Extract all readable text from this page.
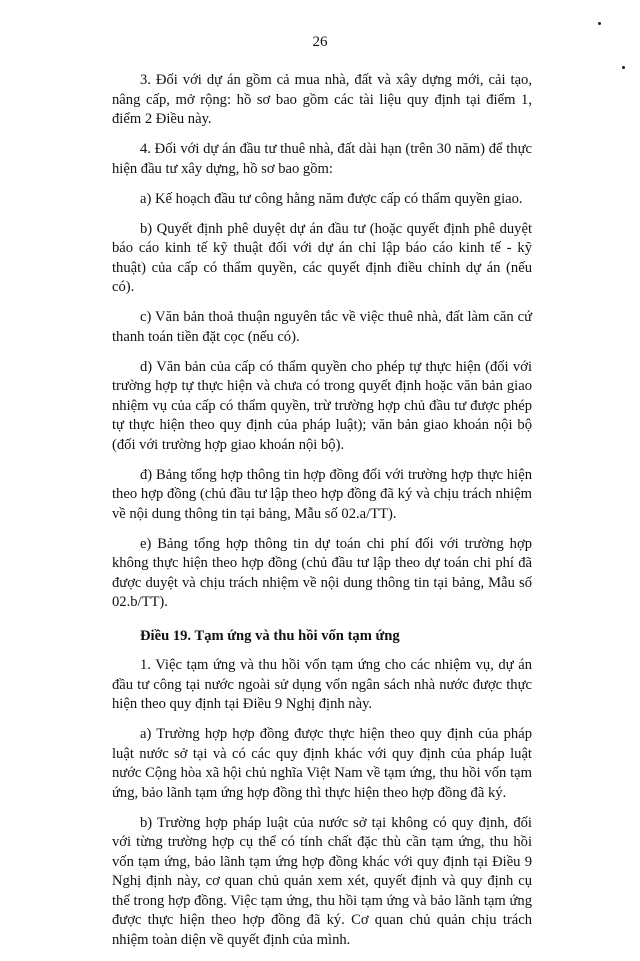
26

3. Đối với dự án gồm cả mua nhà, đất và xây dựng mới, cải tạo, nâng cấp, mở rộng: hồ sơ bao gồm các tài liệu quy định tại điểm 1, điểm 2 Điều này.

4. Đối với dự án đầu tư thuê nhà, đất dài hạn (trên 30 năm) để thực hiện đầu tư xây dựng, hồ sơ bao gồm:

a) Kế hoạch đầu tư công hằng năm được cấp có thẩm quyền giao.

b) Quyết định phê duyệt dự án đầu tư (hoặc quyết định phê duyệt báo cáo kinh tế kỹ thuật đối với dự án chỉ lập báo cáo kinh tế - kỹ thuật) của cấp có thẩm quyền, các quyết định điều chỉnh dự án (nếu có).

c) Văn bản thoả thuận nguyên tắc về việc thuê nhà, đất làm căn cứ thanh toán tiền đặt cọc (nếu có).

d) Văn bản của cấp có thẩm quyền cho phép tự thực hiện (đối với trường hợp tự thực hiện và chưa có trong quyết định hoặc văn bản giao nhiệm vụ của cấp có thẩm quyền, trừ trường hợp chủ đầu tư được phép tự thực hiện theo quy định của pháp luật); văn bản giao khoán nội bộ (đối với trường hợp giao khoán nội bộ).

đ) Bảng tổng hợp thông tin hợp đồng đối với trường hợp thực hiện theo hợp đồng (chủ đầu tư lập theo hợp đồng đã ký và chịu trách nhiệm về nội dung thông tin tại bảng, Mẫu số 02.a/TT).

e) Bảng tổng hợp thông tin dự toán chi phí đối với trường hợp không thực hiện theo hợp đồng (chủ đầu tư lập theo dự toán chi phí đã được duyệt và chịu trách nhiệm về nội dung thông tin tại bảng, Mẫu số 02.b/TT).

Điều 19. Tạm ứng và thu hồi vốn tạm ứng

1. Việc tạm ứng và thu hồi vốn tạm ứng cho các nhiệm vụ, dự án đầu tư công tại nước ngoài sử dụng vốn ngân sách nhà nước được thực hiện theo quy định tại Điều 9 Nghị định này.

a) Trường hợp hợp đồng được thực hiện theo quy định của pháp luật nước sở tại và có các quy định khác với quy định của pháp luật nước Cộng hòa xã hội chủ nghĩa Việt Nam về tạm ứng, thu hồi vốn tạm ứng, bảo lãnh tạm ứng hợp đồng thì thực hiện theo hợp đồng đã ký.

b) Trường hợp pháp luật của nước sở tại không có quy định, đối với từng trường hợp cụ thể có tính chất đặc thù cần tạm ứng, thu hồi vốn tạm ứng, bảo lãnh tạm ứng hợp đồng khác với quy định tại Điều 9 Nghị định này, cơ quan chủ quản xem xét, quyết định và quy định cụ thể trong hợp đồng. Việc tạm ứng, thu hồi tạm ứng và bảo lãnh tạm ứng được thực hiện theo hợp đồng đã ký. Cơ quan chủ quản chịu trách nhiệm toàn diện về quyết định của mình.
